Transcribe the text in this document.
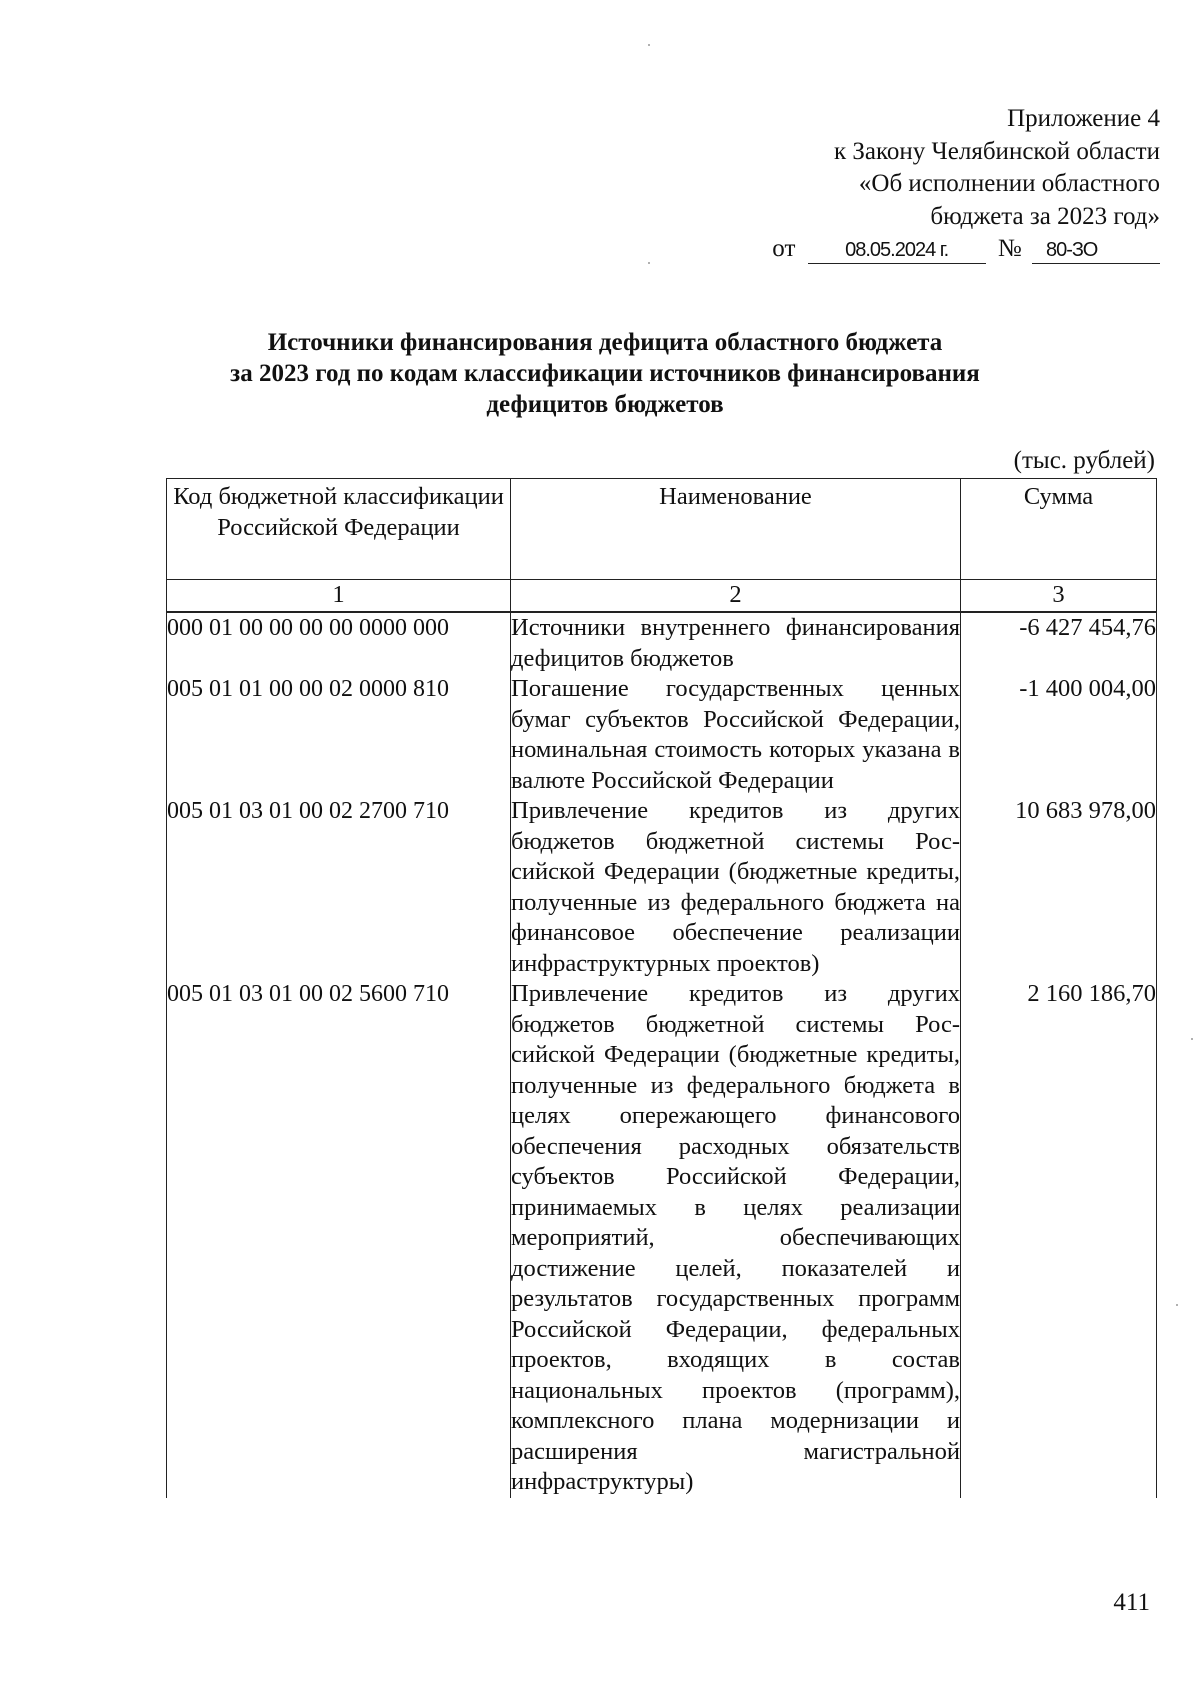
Приложение 4
к Закону Челябинской области
«Об исполнении областного
бюджета за 2023 год»
от 08.05.2024 г. № 80-ЗО
Источники финансирования дефицита областного бюджета
за 2023 год по кодам классификации источников финансирования
дефицитов бюджетов
(тыс. рублей)
Код бюджетной классификации Российской Федерации	Наименование	Сумма
1	2	3
000 01 00 00 00 00 0000 000	Источники внутреннего финансирования дефицитов бюджетов	-6 427 454,76
005 01 01 00 00 02 0000 810	Погашение государственных ценных бумаг субъектов Российской Федерации, номинальная стоимость которых указана в валюте Российской Федерации	-1 400 004,00
005 01 03 01 00 02 2700 710	Привлечение кредитов из других бюджетов бюджетной системы Российской Федерации (бюджетные кредиты, полученные из федерального бюджета на финансовое обеспечение реализации инфраструктурных проектов)	10 683 978,00
005 01 03 01 00 02 5600 710	Привлечение кредитов из других бюджетов бюджетной системы Российской Федерации (бюджетные кредиты, полученные из федерального бюджета в целях опережающего финансового обеспечения расходных обязательств субъектов Российской Федерации, принимаемых в целях реализации мероприятий, обеспечивающих достижение целей, показателей и результатов государственных программ Российской Федерации, федеральных проектов, входящих в состав национальных проектов (программ), комплексного плана модернизации и расширения магистральной инфраструктуры)	2 160 186,70
411
